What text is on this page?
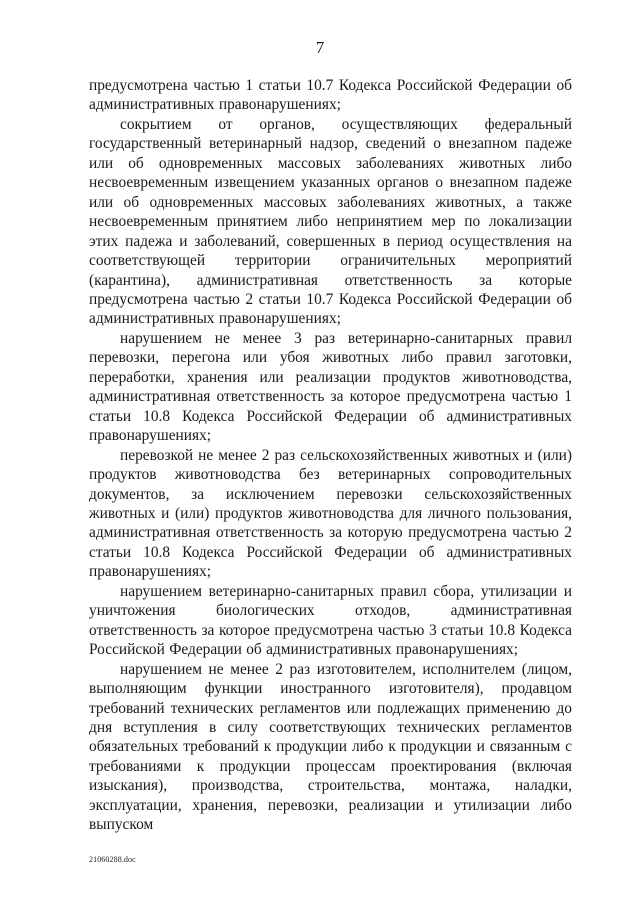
7

предусмотрена частью 1 статьи 10.7 Кодекса Российской Федерации об административных правонарушениях;

сокрытием от органов, осуществляющих федеральный государственный ветеринарный надзор, сведений о внезапном падеже или об одновременных массовых заболеваниях животных либо несвоевременным извещением указанных органов о внезапном падеже или об одновременных массовых заболеваниях животных, а также несвоевременным принятием либо непринятием мер по локализации этих падежа и заболеваний, совершенных в период осуществления на соответствующей территории ограничительных мероприятий (карантина), административная ответственность за которые предусмотрена частью 2 статьи 10.7 Кодекса Российской Федерации об административных правонарушениях;

нарушением не менее 3 раз ветеринарно-санитарных правил перевозки, перегона или убоя животных либо правил заготовки, переработки, хранения или реализации продуктов животноводства, административная ответственность за которое предусмотрена частью 1 статьи 10.8 Кодекса Российской Федерации об административных правонарушениях;

перевозкой не менее 2 раз сельскохозяйственных животных и (или) продуктов животноводства без ветеринарных сопроводительных документов, за исключением перевозки сельскохозяйственных животных и (или) продуктов животноводства для личного пользования, административная ответственность за которую предусмотрена частью 2 статьи 10.8 Кодекса Российской Федерации об административных правонарушениях;

нарушением ветеринарно-санитарных правил сбора, утилизации и уничтожения биологических отходов, административная ответственность за которое предусмотрена частью 3 статьи 10.8 Кодекса Российской Федерации об административных правонарушениях;

нарушением не менее 2 раз изготовителем, исполнителем (лицом, выполняющим функции иностранного изготовителя), продавцом требований технических регламентов или подлежащих применению до дня вступления в силу соответствующих технических регламентов обязательных требований к продукции либо к продукции и связанным с требованиями к продукции процессам проектирования (включая изыскания), производства, строительства, монтажа, наладки, эксплуатации, хранения, перевозки, реализации и утилизации либо выпуском

21060288.doc
